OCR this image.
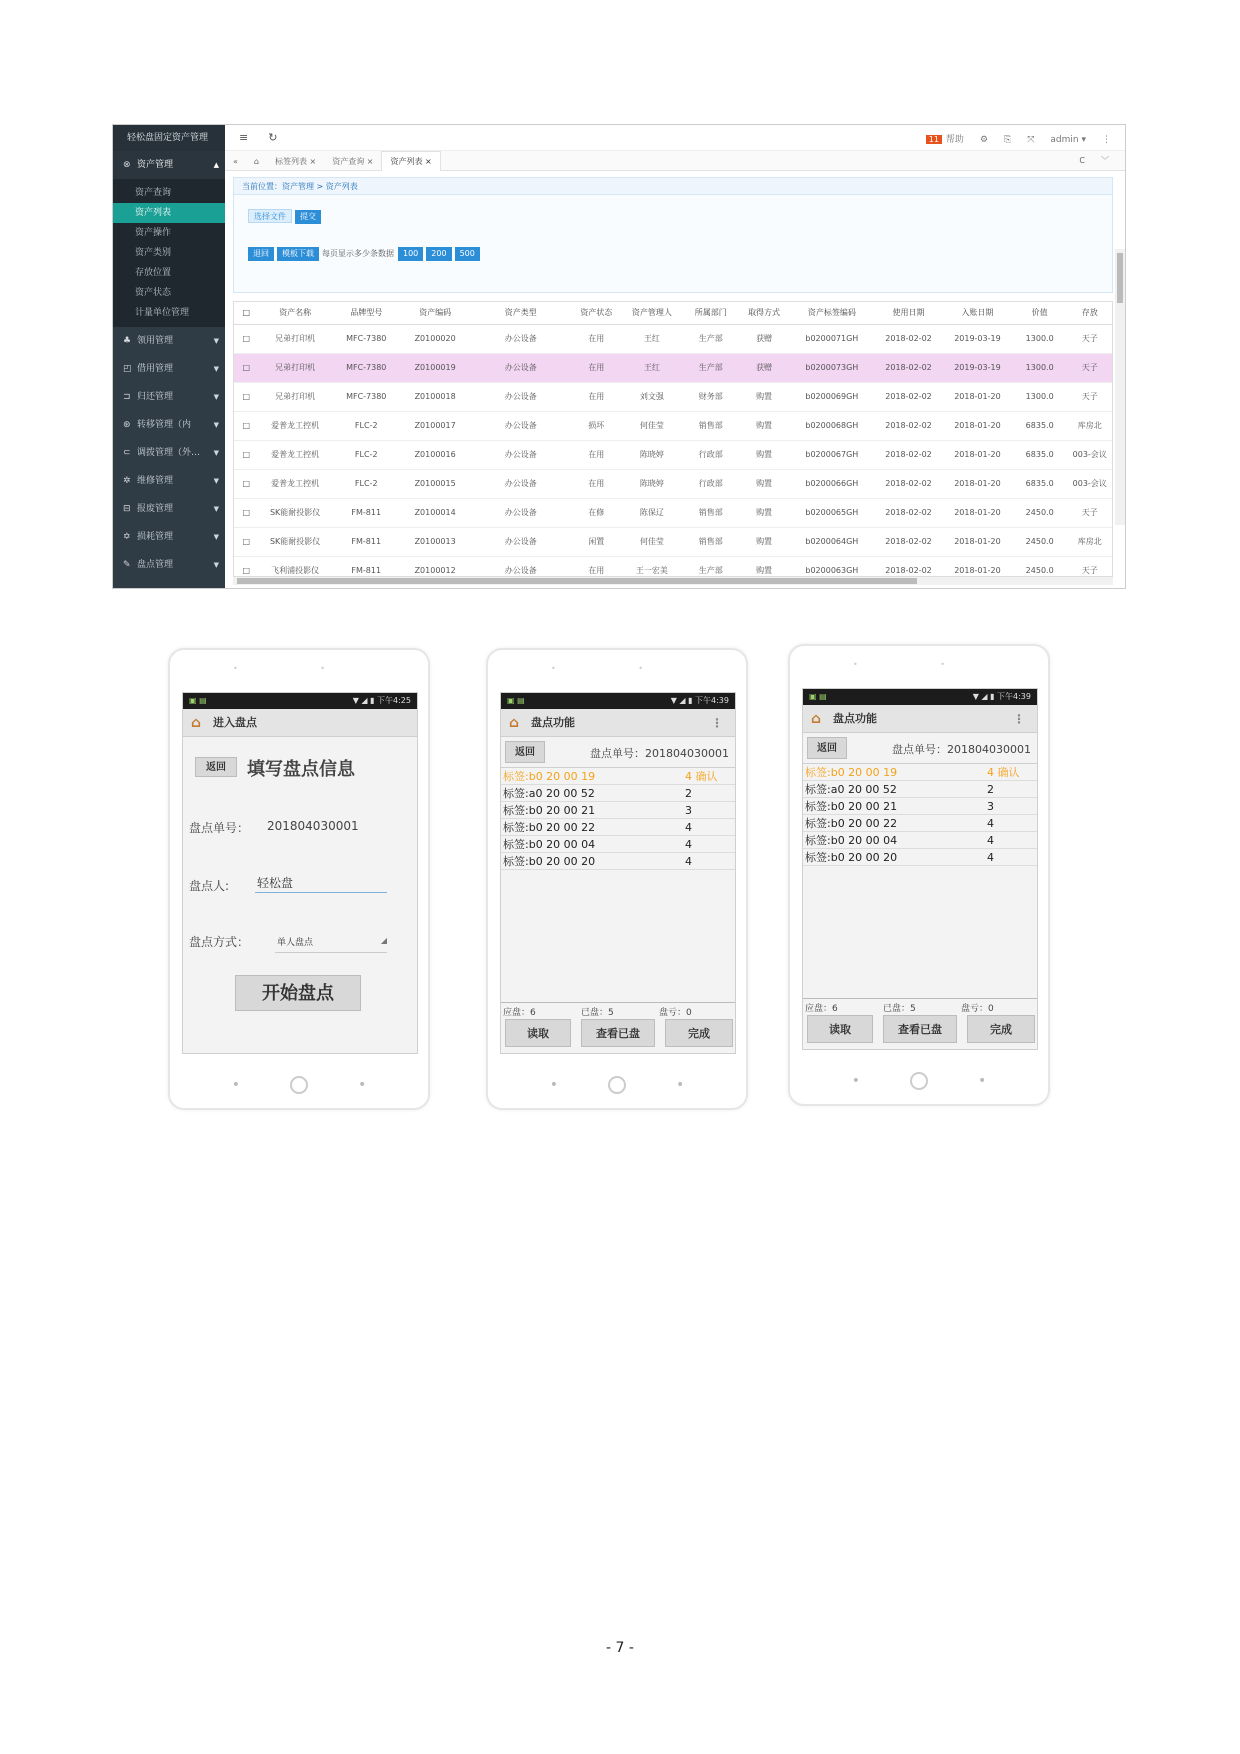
轻松盘固定资产管理
⊗ 资产管理	▲
资产查询
资产列表
资产操作
资产类别
存放位置
资产状态
计量单位管理
♣ 领用管理	▼
◰ 借用管理	▼
⊐ 归还管理	▼
⊛ 转移管理（内	▼
⊂ 调拨管理（外… ▼
✲ 维修管理	▼
⊟ 报废管理	▼
✡ 损耗管理	▼
✎ 盘点管理	▼
≡ ↻	11 帮助 ⚙ ⎘ ⤧ admin ▾ ⋮
« ⌂ 标签列表 × 资产查询 × 资产列表 ×	C ﹀
当前位置：资产管理 > 资产列表
选择文件 提交
退回 模板下载 每页显示多少条数据 100 200 500
□	资产名称	品牌型号	资产编码	资产类型	资产状态	资产管理人	所属部门	取得方式	资产标签编码	使用日期	入账日期	价值	存放
□	兄弟打印机	MFC-7380	Z0100020	办公设备	在用	王红	生产部	获赠	b0200071GH	2018-02-02	2019-03-19	1300.0	天子
□	兄弟打印机	MFC-7380	Z0100019	办公设备	在用	王红	生产部	获赠	b0200073GH	2018-02-02	2019-03-19	1300.0	天子
□	兄弟打印机	MFC-7380	Z0100018	办公设备	在用	刘文强	财务部	购置	b0200069GH	2018-02-02	2018-01-20	1300.0	天子
□	爱普龙工控机	FLC-2	Z0100017	办公设备	损坏	何佳莹	销售部	购置	b0200068GH	2018-02-02	2018-01-20	6835.0	库房北
□	爱普龙工控机	FLC-2	Z0100016	办公设备	在用	陈晓婷	行政部	购置	b0200067GH	2018-02-02	2018-01-20	6835.0	003-会议
□	爱普龙工控机	FLC-2	Z0100015	办公设备	在用	陈晓婷	行政部	购置	b0200066GH	2018-02-02	2018-01-20	6835.0	003-会议
□	SK能耐投影仪	FM-811	Z0100014	办公设备	在修	陈保辽	销售部	购置	b0200065GH	2018-02-02	2018-01-20	2450.0	天子
□	SK能耐投影仪	FM-811	Z0100013	办公设备	闲置	何佳莹	销售部	购置	b0200064GH	2018-02-02	2018-01-20	2450.0	库房北
□	飞利浦投影仪	FM-811	Z0100012	办公设备	在用	王一宏美	生产部	购置	b0200063GH	2018-02-02	2018-01-20	2450.0	天子
• •
▣ ▤	▼ ◢ ▮ 下午4:25
⌂ 进入盘点
返回	填写盘点信息
盘点单号： 201804030001
盘点人: 轻松盘
盘点方式：	单人盘点	◢
开始盘点
•	•
• •
▣ ▤	▼ ◢ ▮ 下午4:39
⌂ 盘点功能	⋮
返回	盘点单号：201804030001
标签:b0 20 00 19	4 确认
标签:a0 20 00 52	2
标签:b0 20 00 21	3
标签:b0 20 00 22	4
标签:b0 20 00 04	4
标签:b0 20 00 20	4
应盘：6	已盘：5	盘亏：0
读取	查看已盘	完成
•	•
• •
▣ ▤	▼ ◢ ▮ 下午4:39
⌂ 盘点功能	⋮
返回	盘点单号：201804030001
标签:b0 20 00 19	4 确认
标签:a0 20 00 52	2
标签:b0 20 00 21	3
标签:b0 20 00 22	4
标签:b0 20 00 04	4
标签:b0 20 00 20	4
应盘：6	已盘：5	盘亏：0
读取	查看已盘	完成
•	•
- 7 -
